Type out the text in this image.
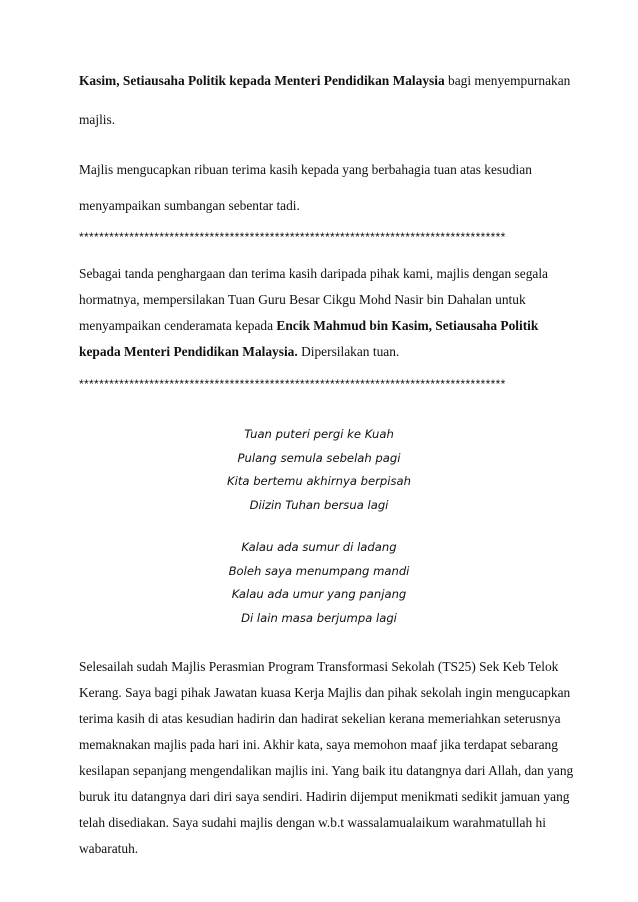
Kasim, Setiausaha Politik kepada Menteri Pendidikan Malaysia bagi menyempurnakan
majlis.
Majlis mengucapkan ribuan terima kasih kepada yang berbahagia tuan atas kesudian
menyampaikan sumbangan sebentar tadi.
*************************************************************************************
Sebagai tanda penghargaan dan terima kasih daripada pihak kami, majlis dengan segala
hormatnya, mempersilakan Tuan Guru Besar Cikgu Mohd Nasir bin Dahalan untuk
menyampaikan cenderamata kepada Encik Mahmud bin Kasim, Setiausaha Politik
kepada Menteri Pendidikan Malaysia. Dipersilakan tuan.
*************************************************************************************
Tuan puteri pergi ke Kuah
Pulang semula sebelah pagi
Kita bertemu akhirnya berpisah
Diizin Tuhan bersua lagi
Kalau ada sumur di ladang
Boleh saya menumpang mandi
Kalau ada umur yang panjang
Di lain masa berjumpa lagi
Selesailah sudah Majlis Perasmian Program Transformasi Sekolah (TS25) Sek Keb Telok
Kerang. Saya bagi pihak Jawatan kuasa Kerja Majlis dan pihak sekolah ingin mengucapkan
terima kasih di atas kesudian hadirin dan hadirat sekelian kerana memeriahkan seterusnya
memaknakan majlis pada hari ini. Akhir kata, saya memohon maaf jika terdapat sebarang
kesilapan sepanjang mengendalikan majlis ini. Yang baik itu datangnya dari Allah, dan yang
buruk itu datangnya dari diri saya sendiri. Hadirin dijemput menikmati sedikit jamuan yang
telah disediakan. Saya sudahi majlis dengan w.b.t wassalamualaikum warahmatullah hi
wabaratuh.
